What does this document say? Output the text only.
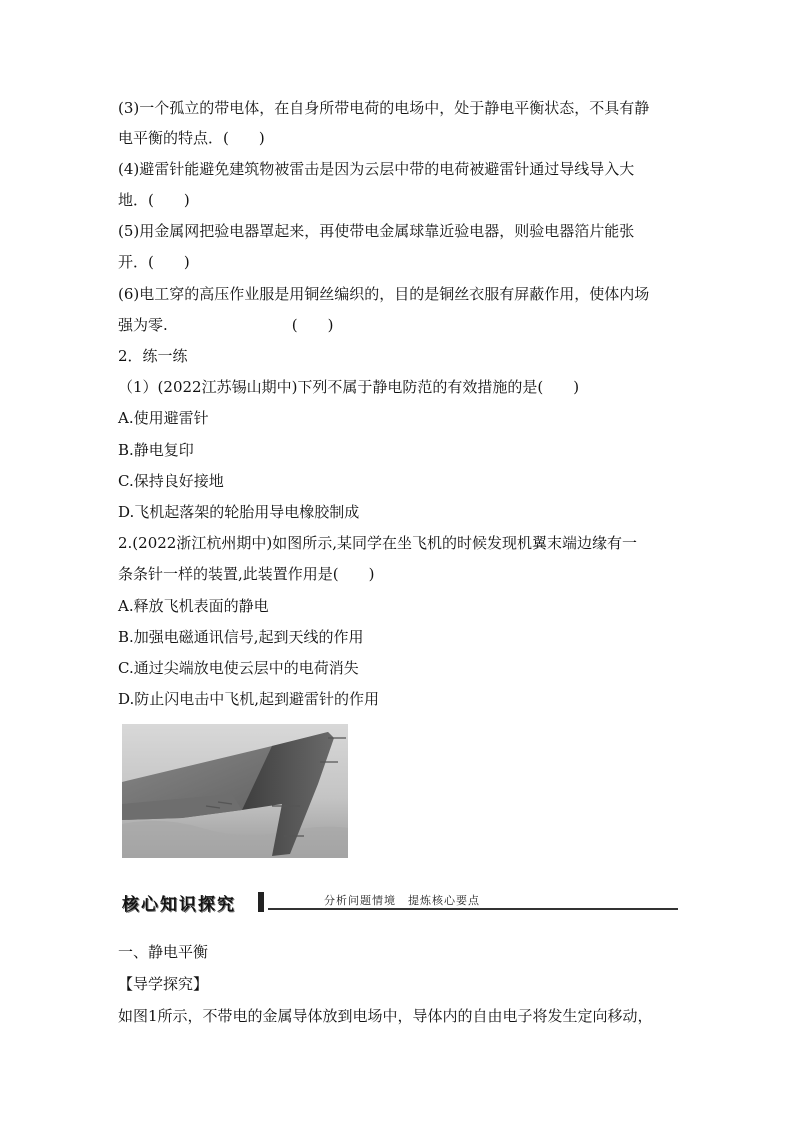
(3)一个孤立的带电体，在自身所带电荷的电场中，处于静电平衡状态，不具有静
电平衡的特点．(　　)
(4)避雷针能避免建筑物被雷击是因为云层中带的电荷被避雷针通过导线导入大
地．(　　)
(5)用金属网把验电器罩起来，再使带电金属球靠近验电器，则验电器箔片能张
开．(　　)
(6)电工穿的高压作业服是用铜丝编织的，目的是铜丝衣服有屏蔽作用，使体内场
强为零.                          (　　)
2．练一练
（1）(2022江苏锡山期中)下列不属于静电防范的有效措施的是(　　)
A.使用避雷针
B.静电复印
C.保持良好接地
D.飞机起落架的轮胎用导电橡胶制成
2.(2022浙江杭州期中)如图所示,某同学在坐飞机的时候发现机翼末端边缘有一
条条针一样的装置,此装置作用是(　　)
A.释放飞机表面的静电
B.加强电磁通讯信号,起到天线的作用
C.通过尖端放电使云层中的电荷消失
D.防止闪电击中飞机,起到避雷针的作用
核心知识探究	分析问题情境　提炼核心要点
一、静电平衡
【导学探究】
如图1所示，不带电的金属导体放到电场中，导体内的自由电子将发生定向移动，
